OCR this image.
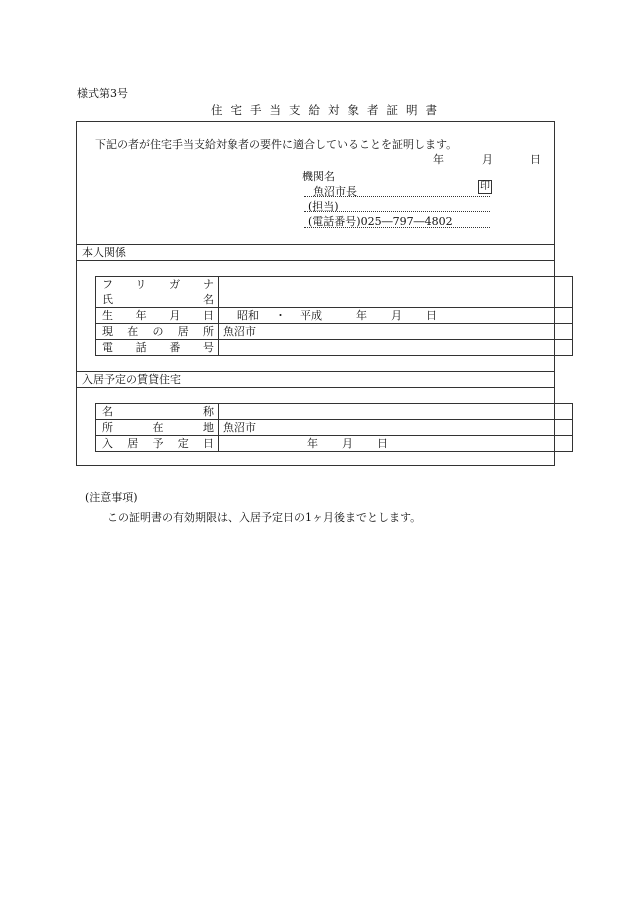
様式第3号
住宅手当支給対象者証明書
下記の者が住宅手当支給対象者の要件に適合していることを証明します。
年	月	日
機関名
魚沼市長	印
(担当)
(電話番号)025―797―4802
本人関係
フリガナ	
氏名	
生年月日	昭和 ・ 平成 年 月 日
現在の居所	魚沼市
電話番号	
入居予定の賃貸住宅
名称	
所在地	魚沼市
入居予定日	年 月 日
(注意事項)
この証明書の有効期限は、入居予定日の1ヶ月後までとします。
